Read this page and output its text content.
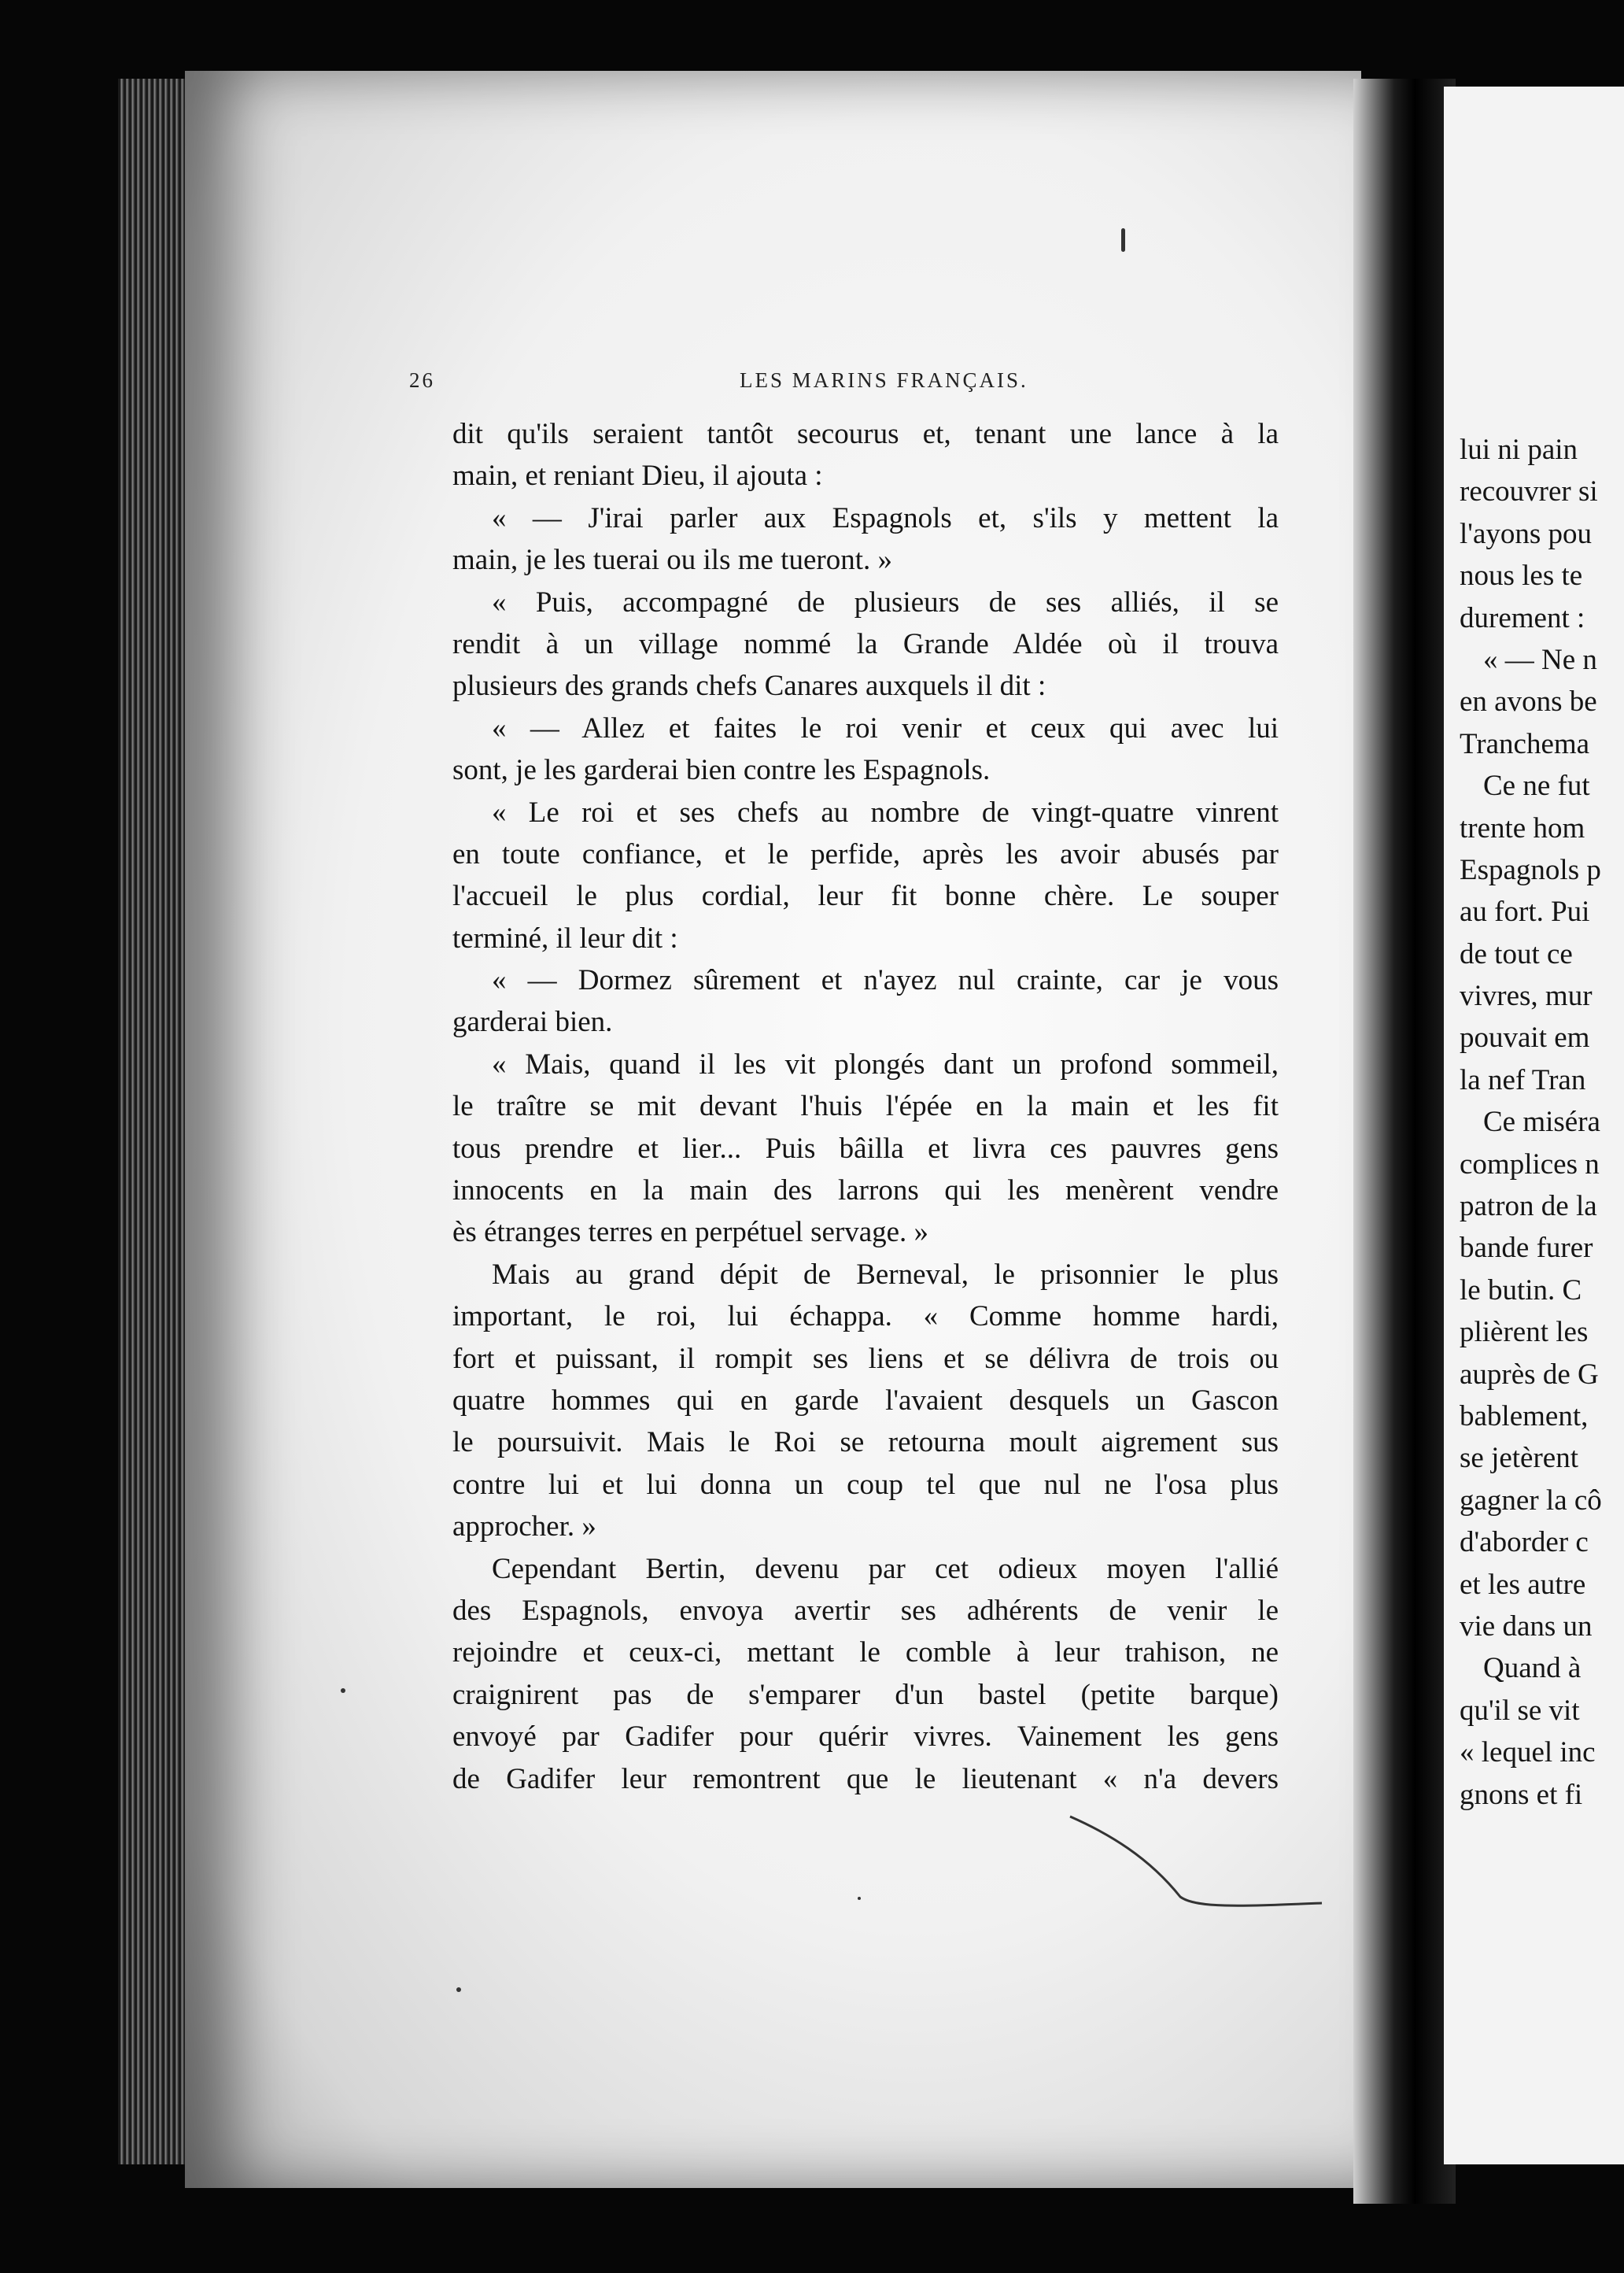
26	LES MARINS FRANÇAIS.
dit qu'ils seraient tantôt secourus et, tenant une lance à la
main, et reniant Dieu, il ajouta :
« — J'irai parler aux Espagnols et, s'ils y mettent la
main, je les tuerai ou ils me tueront. »
« Puis, accompagné de plusieurs de ses alliés, il se
rendit à un village nommé la Grande Aldée où il trouva
plusieurs des grands chefs Canares auxquels il dit :
« — Allez et faites le roi venir et ceux qui avec lui
sont, je les garderai bien contre les Espagnols.
« Le roi et ses chefs au nombre de vingt-quatre vinrent
en toute confiance, et le perfide, après les avoir abusés par
l'accueil le plus cordial, leur fit bonne chère. Le souper
terminé, il leur dit :
« — Dormez sûrement et n'ayez nul crainte, car je vous
garderai bien.
« Mais, quand il les vit plongés dant un profond sommeil,
le traître se mit devant l'huis l'épée en la main et les fit
tous prendre et lier... Puis bâilla et livra ces pauvres gens
innocents en la main des larrons qui les menèrent vendre
ès étranges terres en perpétuel servage. »
Mais au grand dépit de Berneval, le prisonnier le plus
important, le roi, lui échappa. « Comme homme hardi,
fort et puissant, il rompit ses liens et se délivra de trois ou
quatre hommes qui en garde l'avaient desquels un Gascon
le poursuivit. Mais le Roi se retourna moult aigrement sus
contre lui et lui donna un coup tel que nul ne l'osa plus
approcher. »
Cependant Bertin, devenu par cet odieux moyen l'allié
des Espagnols, envoya avertir ses adhérents de venir le
rejoindre et ceux-ci, mettant le comble à leur trahison, ne
craignirent pas de s'emparer d'un bastel (petite barque)
envoyé par Gadifer pour quérir vivres. Vainement les gens
de Gadifer leur remontrent que le lieutenant « n'a devers
lui ni pain
recouvrer si
l'ayons pou
nous les te
durement :
« — Ne n
en avons be
Tranchema
Ce ne fut
trente hom
Espagnols p
au fort. Pui
de tout ce
vivres, mur
pouvait em
la nef Tran
Ce miséra
complices n
patron de la
bande furer
le butin. C
plièrent les
auprès de G
bablement,
se jetèrent
gagner la cô
d'aborder c
et les autre
vie dans un
Quand à
qu'il se vit
« lequel inc
gnons et fi
